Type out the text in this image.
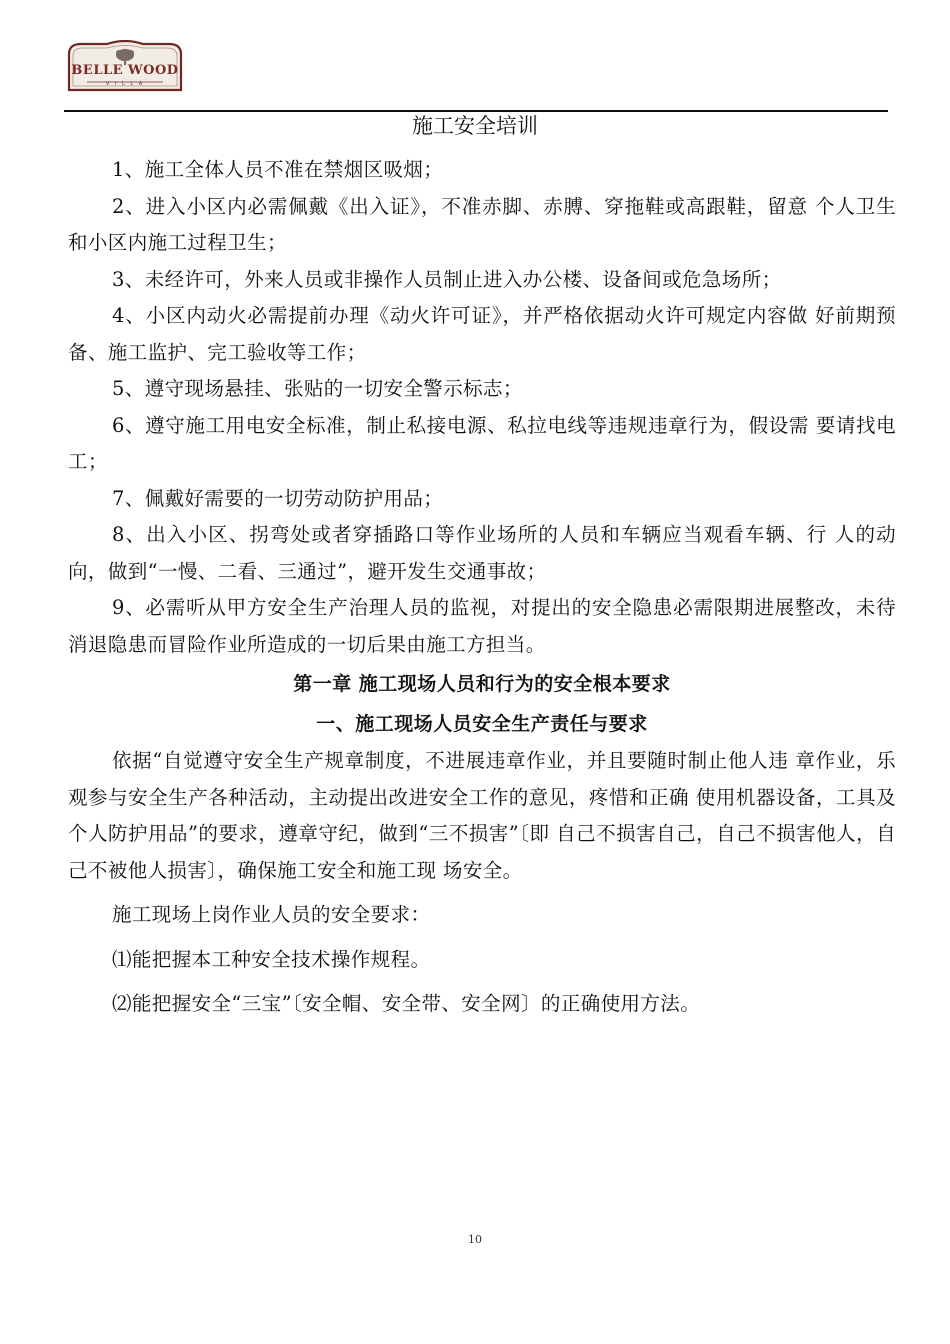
BELLE WOOD
V I L L A
施工安全培训

1、施工全体人员不准在禁烟区吸烟；

2、进入小区内必需佩戴《出入证》，不准赤脚、赤膊、穿拖鞋或高跟鞋，留意 个人卫生和小区内施工过程卫生；

3、未经许可，外来人员或非操作人员制止进入办公楼、设备间或危急场所；

4、小区内动火必需提前办理《动火许可证》，并严格依据动火许可规定内容做 好前期预备、施工监护、完工验收等工作；

5、遵守现场悬挂、张贴的一切安全警示标志；

6、遵守施工用电安全标准，制止私接电源、私拉电线等违规违章行为，假设需 要请找电工；

7、佩戴好需要的一切劳动防护用品；

8、出入小区、拐弯处或者穿插路口等作业场所的人员和车辆应当观看车辆、行 人的动向，做到“一慢、二看、三通过”，避开发生交通事故；

9、必需听从甲方安全生产治理人员的监视，对提出的安全隐患必需限期进展整改，未待消退隐患而冒险作业所造成的一切后果由施工方担当。

第一章 施工现场人员和行为的安全根本要求
一、施工现场人员安全生产责任与要求

依据“自觉遵守安全生产规章制度，不进展违章作业，并且要随时制止他人违 章作业，乐观参与安全生产各种活动，主动提出改进安全工作的意见，疼惜和正确 使用机器设备，工具及个人防护用品”的要求，遵章守纪，做到“三不损害”〔即 自己不损害自己，自己不损害他人，自己不被他人损害〕，确保施工安全和施工现 场安全。

施工现场上岗作业人员的安全要求：

⑴能把握本工种安全技术操作规程。

⑵能把握安全“三宝”〔安全帽、安全带、安全网〕的正确使用方法。

10
